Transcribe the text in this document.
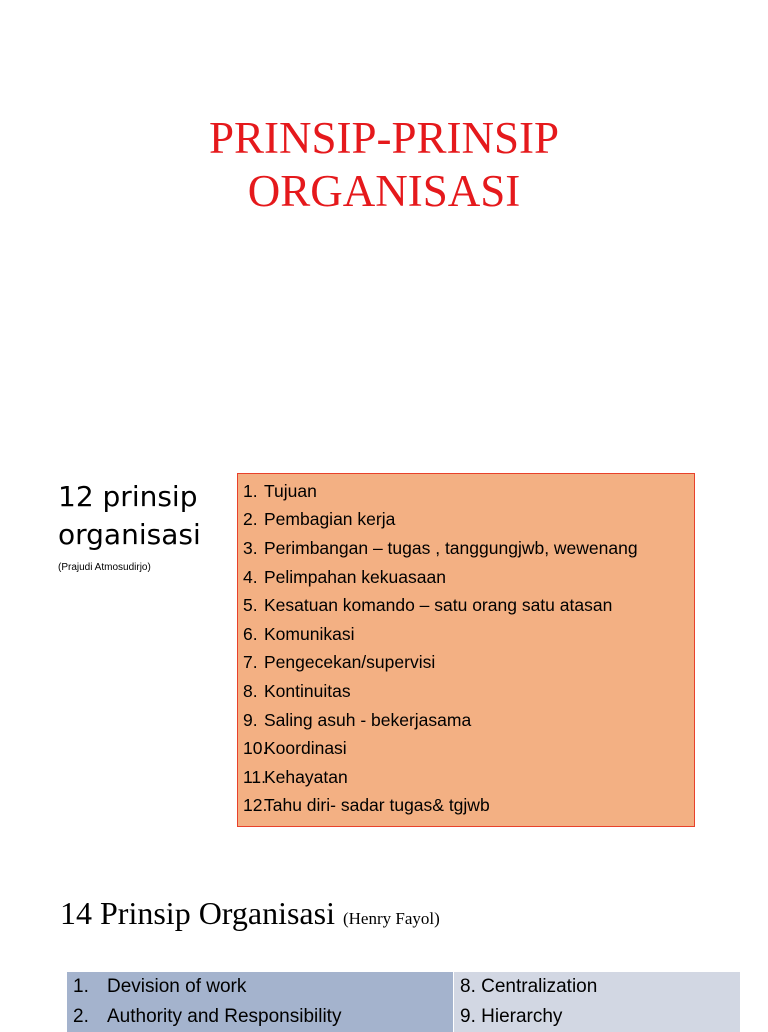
PRINSIP-PRINSIP
ORGANISASI
12 prinsip
organisasi
(Prajudi Atmosudirjo)
1. Tujuan
2. Pembagian kerja
3. Perimbangan – tugas , tanggungjwb, wewenang
4. Pelimpahan kekuasaan
5. Kesatuan komando – satu orang satu atasan
6. Komunikasi
7. Pengecekan/supervisi
8. Kontinuitas
9. Saling asuh - bekerjasama
10.
Koordinasi
11.
Kehayatan
12.
Tahu diri- sadar tugas& tgjwb
14 Prinsip Organisasi (Henry Fayol)
1. Devision of work
2. Authority and Responsibility
8. Centralization
9. Hierarchy
